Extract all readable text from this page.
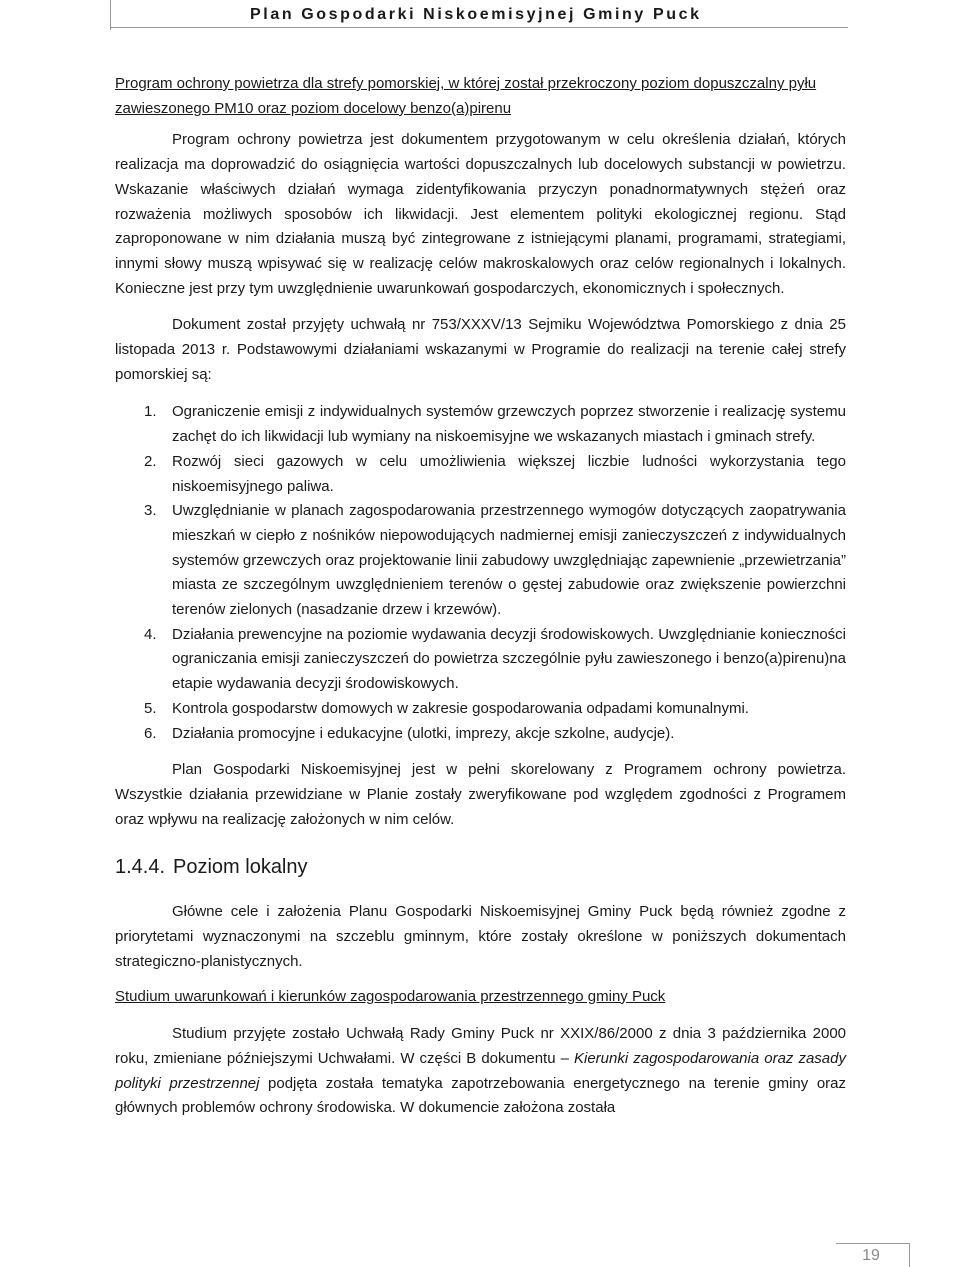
Plan Gospodarki Niskoemisyjnej Gminy Puck
Program ochrony powietrza dla strefy pomorskiej, w której został przekroczony poziom dopuszczalny pyłu zawieszonego PM10 oraz poziom docelowy benzo(a)pirenu

Program ochrony powietrza jest dokumentem przygotowanym w celu określenia działań, których realizacja ma doprowadzić do osiągnięcia wartości dopuszczalnych lub docelowych substancji w powietrzu. Wskazanie właściwych działań wymaga zidentyfikowania przyczyn ponadnormatywnych stężeń oraz rozważenia możliwych sposobów ich likwidacji. Jest elementem polityki ekologicznej regionu. Stąd zaproponowane w nim działania muszą być zintegrowane z istniejącymi planami, programami, strategiami, innymi słowy muszą wpisywać się w realizację celów makroskalowych oraz celów regionalnych i lokalnych. Konieczne jest przy tym uwzględnienie uwarunkowań gospodarczych, ekonomicznych i społecznych.

Dokument został przyjęty uchwałą nr 753/XXXV/13 Sejmiku Województwa Pomorskiego z dnia 25 listopada 2013 r. Podstawowymi działaniami wskazanymi w Programie do realizacji na terenie całej strefy pomorskiej są:

1. Ograniczenie emisji z indywidualnych systemów grzewczych poprzez stworzenie i realizację systemu zachęt do ich likwidacji lub wymiany na niskoemisyjne we wskazanych miastach i gminach strefy.
2. Rozwój sieci gazowych w celu umożliwienia większej liczbie ludności wykorzystania tego niskoemisyjnego paliwa.
3. Uwzględnianie w planach zagospodarowania przestrzennego wymogów dotyczących zaopatrywania mieszkań w ciepło z nośników niepowodujących nadmiernej emisji zanieczyszczeń z indywidualnych systemów grzewczych oraz projektowanie linii zabudowy uwzględniając zapewnienie „przewietrzania” miasta ze szczególnym uwzględnieniem terenów o gęstej zabudowie oraz zwiększenie powierzchni terenów zielonych (nasadzanie drzew i krzewów).
4. Działania prewencyjne na poziomie wydawania decyzji środowiskowych. Uwzględnianie konieczności ograniczania emisji zanieczyszczeń do powietrza szczególnie pyłu zawieszonego i benzo(a)pirenu)na etapie wydawania decyzji środowiskowych.
5. Kontrola gospodarstw domowych w zakresie gospodarowania odpadami komunalnymi.
6. Działania promocyjne i edukacyjne (ulotki, imprezy, akcje szkolne, audycje).

Plan Gospodarki Niskoemisyjnej jest w pełni skorelowany z Programem ochrony powietrza. Wszystkie działania przewidziane w Planie zostały zweryfikowane pod względem zgodności z Programem oraz wpływu na realizację założonych w nim celów.

1.4.4. Poziom lokalny

Główne cele i założenia Planu Gospodarki Niskoemisyjnej Gminy Puck będą również zgodne z priorytetami wyznaczonymi na szczeblu gminnym, które zostały określone w poniższych dokumentach strategiczno-planistycznych.

Studium uwarunkowań i kierunków zagospodarowania przestrzennego gminy Puck

Studium przyjęte zostało Uchwałą Rady Gminy Puck nr XXIX/86/2000 z dnia 3 października 2000 roku, zmieniane późniejszymi Uchwałami. W części B dokumentu – Kierunki zagospodarowania oraz zasady polityki przestrzennej podjęta została tematyka zapotrzebowania energetycznego na terenie gminy oraz głównych problemów ochrony środowiska. W dokumencie założona została

19
